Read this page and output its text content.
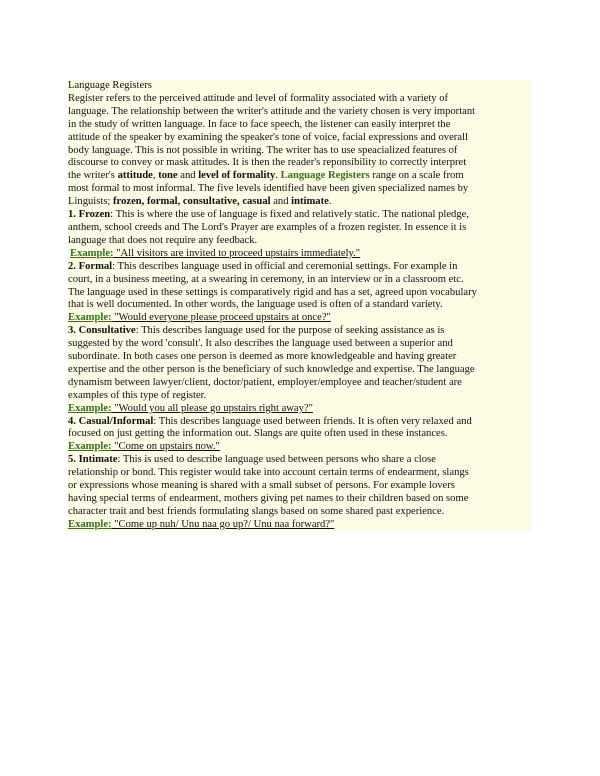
Language Registers
Register refers to the perceived attitude and level of formality associated with a variety of
language. The relationship between the writer's attitude and the variety chosen is very important
in the study of written language. In face to face speech, the listener can easily interpret the
attitude of the speaker by examining the speaker's tone of voice, facial expressions and overall
body language. This is not possible in writing. The writer has to use speacialized features of
discourse to convey or mask attitudes. It is then the reader's reponsibility to correctly interpret
the writer's attitude, tone and level of formality. Language Registers range on a scale from
most formal to most informal. The five levels identified have been given specialized names by
Linguists; frozen, formal, consultative, casual and intimate.
1. Frozen: This is where the use of language is fixed and relatively static. The national pledge,
anthem, school creeds and The Lord's Prayer are examples of a frozen register. In essence it is
language that does not require any feedback.
Example: "All visitors are invited to proceed upstairs immediately."
2. Formal: This describes language used in official and ceremonial settings. For example in
court, in a business meeting, at a swearing in ceremony, in an interview or in a classroom etc.
The language used in these settings is comparatively rigid and has a set, agreed upon vocabulary
that is well documented. In other words, the language used is often of a standard variety.
Example: "Would everyone please proceed upstairs at once?"
3. Consultative: This describes language used for the purpose of seeking assistance as is
suggested by the word 'consult'. It also describes the language used between a superior and
subordinate. In both cases one person is deemed as more knowledgeable and having greater
expertise and the other person is the beneficiary of such knowledge and expertise. The language
dynamism between lawyer/client, doctor/patient, employer/employee and teacher/student are
examples of this type of register.
Example: "Would you all please go upstairs right away?"
4. Casual/Informal: This describes language used between friends. It is often very relaxed and
focused on just getting the information out. Slangs are quite often used in these instances.
Example: "Come on upstairs now."
5. Intimate: This is used to describe language used between persons who share a close
relationship or bond. This register would take into account certain terms of endearment, slangs
or expressions whose meaning is shared with a small subset of persons. For example lovers
having special terms of endearment, mothers giving pet names to their children based on some
character trait and best friends formulating slangs based on some shared past experience.
Example: "Come up nuh/ Unu naa go up?/ Unu naa forward?"
